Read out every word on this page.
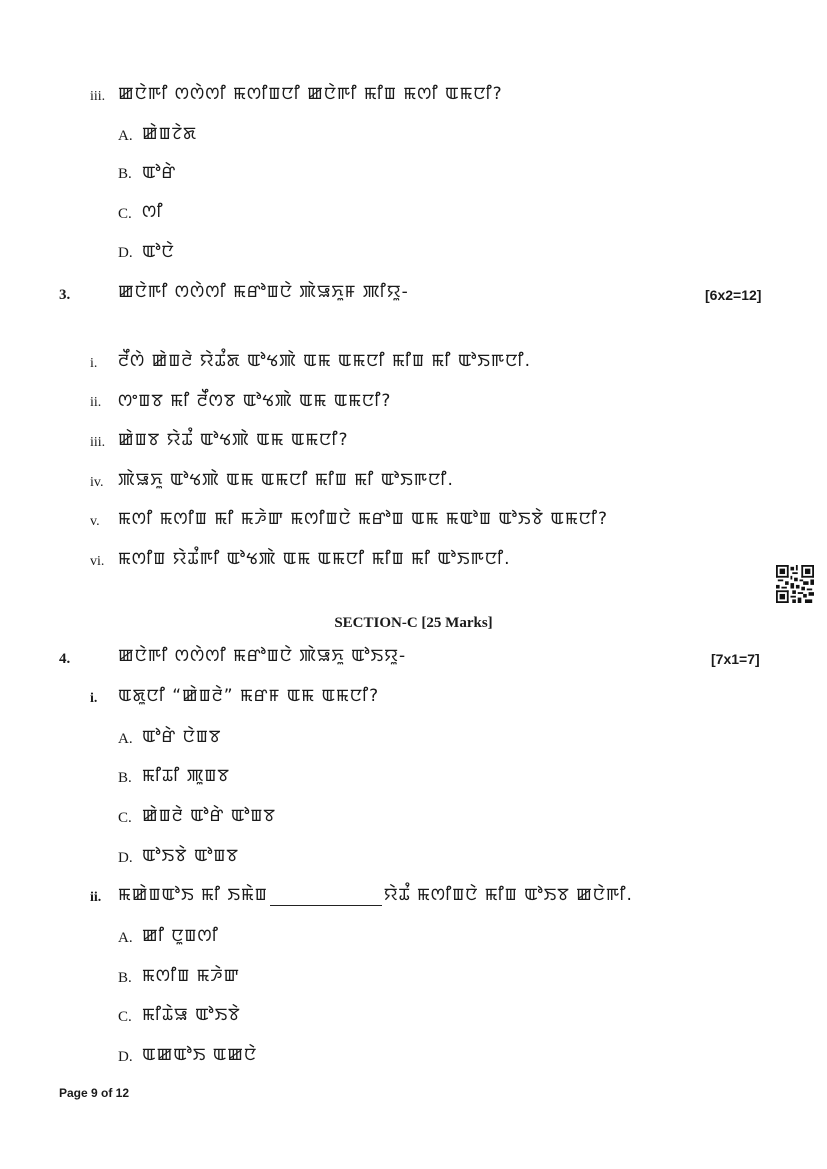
iii. ꯀꯅꯥꯒꯤ ꯁꯁꯥꯁꯤ ꯃꯁꯤꯡꯅꯤ ꯀꯅꯥꯒꯤ ꯃꯤꯡ ꯃꯁꯤ ꯑꯃꯅꯤ?
A. ꯀꯥꯡꯖꯥꯗ
B. ꯑꯣꯔꯥ
C. ꯁꯤ
D. ꯑꯣꯅꯥ
3.	ꯀꯅꯥꯒꯤ ꯁꯁꯥꯁꯤ ꯃꯔꯣꯡꯅꯥ ꯄꯥꯎꯈꯨꯝ ꯄꯤꯌꯨ-	[6x2=12]
i. ꯂꯩꯁꯥ ꯀꯥꯡꯂꯥ ꯌꯥꯊꯪꯗ ꯑꯣꯠꯄꯥ ꯑꯃ ꯑꯃꯅꯤ ꯃꯤꯡ ꯃꯤ ꯑꯣꯏꯒꯅꯤ.
ii. ꯁꯦꯡꯕ ꯃꯤ ꯂꯩꯁꯕ ꯑꯣꯠꯄꯥ ꯑꯃ ꯑꯃꯅꯤ?
iii. ꯀꯥꯡꯕ ꯌꯥꯊꯪ ꯑꯣꯠꯄꯥ ꯑꯃ ꯑꯃꯅꯤ?
iv. ꯄꯥꯎꯈꯨ ꯑꯣꯠꯄꯥ ꯑꯃ ꯑꯃꯅꯤ ꯃꯤꯡ ꯃꯤ ꯑꯣꯏꯒꯅꯤ.
v. ꯃꯁꯤ ꯃꯁꯤꯡ ꯃꯤ ꯃꯍꯥꯛ ꯃꯁꯤꯡꯅꯥ ꯃꯔꯣꯡ ꯑꯃ ꯃꯑꯣꯡ ꯑꯣꯏꯕꯥ ꯑꯃꯅꯤ?
vi. ꯃꯁꯤꯡ ꯌꯥꯊꯪꯒꯤ ꯑꯣꯠꯄꯥ ꯑꯃ ꯑꯃꯅꯤ ꯃꯤꯡ ꯃꯤ ꯑꯣꯏꯒꯅꯤ.
SECTION-C [25 Marks]
4.	ꯀꯅꯥꯒꯤ ꯁꯁꯥꯁꯤ ꯃꯔꯣꯡꯅꯥ ꯄꯥꯎꯈꯨ ꯑꯣꯏꯌꯨ-	[7x1=7]
i. ꯑꯗꯨꯅꯤ “ꯀꯥꯡꯂꯥ” ꯃꯔꯝ ꯑꯃ ꯑꯃꯅꯤ?
A. ꯑꯣꯔꯥ ꯅꯥꯡꯕ
B. ꯃꯤꯊꯤ ꯄꯨꯡꯕ
C. ꯀꯥꯡꯂꯥ ꯑꯣꯔꯥ ꯑꯣꯡꯕ
D. ꯑꯣꯏꯕꯥ ꯑꯣꯡꯕ
ii. ꯃꯀꯥꯡꯑꯣꯏ ꯃꯤ ꯏꯃꯥꯡ	ꯌꯥꯊꯪ ꯃꯁꯤꯡꯅꯥ ꯃꯤꯡ ꯑꯣꯏꯕ ꯀꯅꯥꯒꯤ.
A. ꯀꯤ ꯅꯨꯡꯁꯤ
B. ꯃꯁꯤꯡ ꯃꯍꯥꯛ
C. ꯃꯤꯊꯥꯎ ꯑꯣꯏꯕꯥ
D. ꯑꯀꯑꯣꯏ ꯑꯀꯅꯥ
Page 9 of 12
